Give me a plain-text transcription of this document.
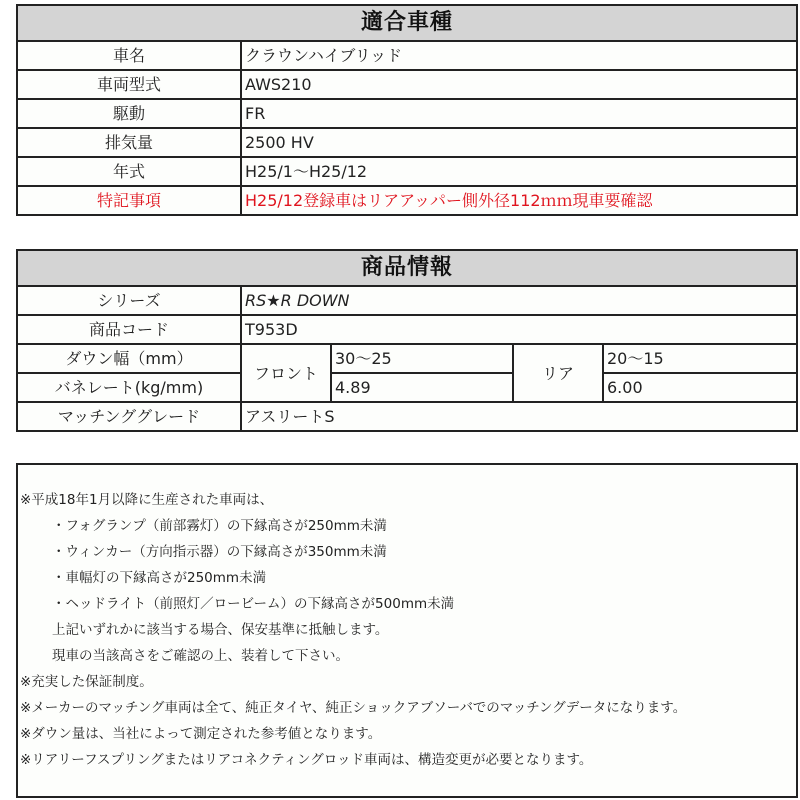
適合車種	
車名	クラウンハイブリッド
車両型式	AWS210
駆動	FR
排気量	2500 HV
年式	H25/1〜H25/12
特記事項	H25/12登録車はリアアッパー側外径112ｍｍ現車要確認
商品情報				
シリーズ	RS★R DOWN			
商品コード	T953D			
ダウン幅（mm）	フロント	30〜25	リア	20〜15
バネレート(kg/mm)		4.89		6.00
マッチンググレード	アスリートS			
※平成18年1月以降に生産された車両は、
・フォグランプ（前部霧灯）の下縁高さが250mm未満
・ウィンカー（方向指示器）の下縁高さが350mm未満
・車幅灯の下縁高さが250mm未満
・ヘッドライト（前照灯／ロービーム）の下縁高さが500mm未満
上記いずれかに該当する場合、保安基準に抵触します。
現車の当該高さをご確認の上、装着して下さい。
※充実した保証制度。
※メーカーのマッチング車両は全て、純正タイヤ、純正ショックアブソーバでのマッチングデータになります。
※ダウン量は、当社によって測定された参考値となります。
※リアリーフスプリングまたはリアコネクティングロッド車両は、構造変更が必要となります。
